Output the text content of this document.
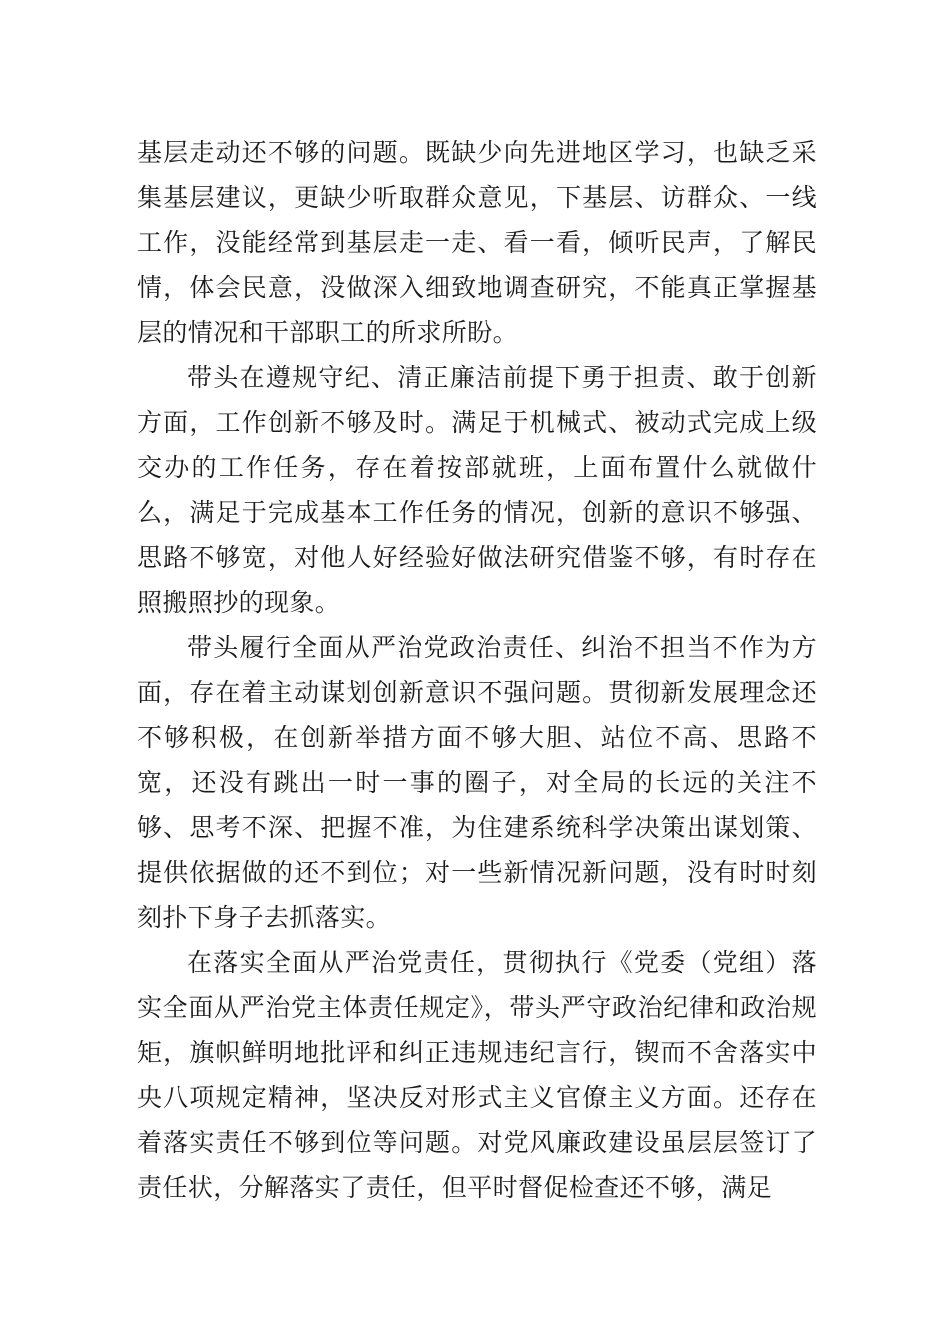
基层走动还不够的问题。既缺少向先进地区学习，也缺乏采集基层建议，更缺少听取群众意见，下基层、访群众、一线工作，没能经常到基层走一走、看一看，倾听民声，了解民情，体会民意，没做深入细致地调查研究，不能真正掌握基层的情况和干部职工的所求所盼。

带头在遵规守纪、清正廉洁前提下勇于担责、敢于创新方面，工作创新不够及时。满足于机械式、被动式完成上级交办的工作任务，存在着按部就班，上面布置什么就做什么，满足于完成基本工作任务的情况，创新的意识不够强、思路不够宽，对他人好经验好做法研究借鉴不够，有时存在照搬照抄的现象。

带头履行全面从严治党政治责任、纠治不担当不作为方面，存在着主动谋划创新意识不强问题。贯彻新发展理念还不够积极，在创新举措方面不够大胆、站位不高、思路不宽，还没有跳出一时一事的圈子，对全局的长远的关注不够、思考不深、把握不准，为住建系统科学决策出谋划策、提供依据做的还不到位；对一些新情况新问题，没有时时刻刻扑下身子去抓落实。

在落实全面从严治党责任，贯彻执行《党委（党组）落实全面从严治党主体责任规定》，带头严守政治纪律和政治规矩，旗帜鲜明地批评和纠正违规违纪言行，锲而不舍落实中央八项规定精神，坚决反对形式主义官僚主义方面。还存在着落实责任不够到位等问题。对党风廉政建设虽层层签订了责任状，分解落实了责任，但平时督促检查还不够，满足
